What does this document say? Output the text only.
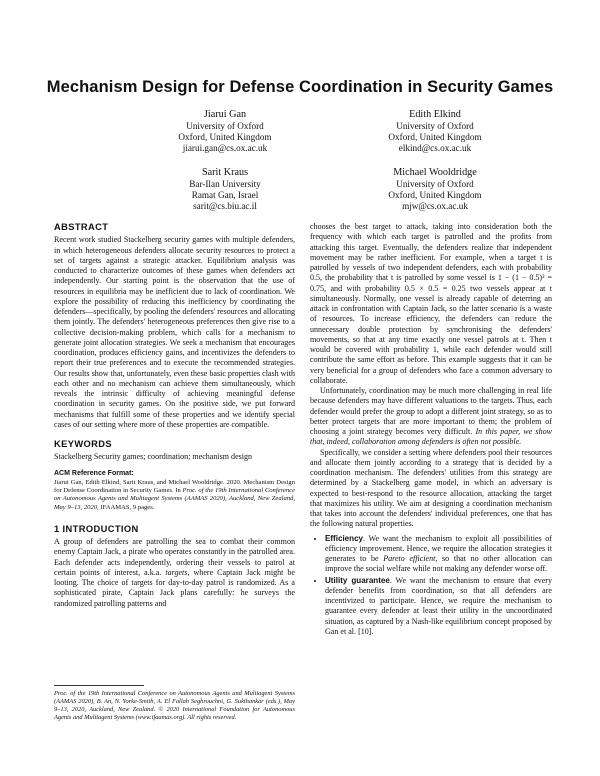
Mechanism Design for Defense Coordination in Security Games
Jiarui Gan
University of Oxford
Oxford, United Kingdom
jiarui.gan@cs.ox.ac.uk
Edith Elkind
University of Oxford
Oxford, United Kingdom
elkind@cs.ox.ac.uk
Sarit Kraus
Bar-Ilan University
Ramat Gan, Israel
sarit@cs.biu.ac.il
Michael Wooldridge
University of Oxford
Oxford, United Kingdom
mjw@cs.ox.ac.uk
ABSTRACT

Recent work studied Stackelberg security games with multiple defenders, in which heterogeneous defenders allocate security resources to protect a set of targets against a strategic attacker. Equilibrium analysis was conducted to characterize outcomes of these games when defenders act independently. Our starting point is the observation that the use of resources in equilibria may be inefficient due to lack of coordination. We explore the possibility of reducing this inefficiency by coordinating the defenders—specifically, by pooling the defenders' resources and allocating them jointly. The defenders' heterogeneous preferences then give rise to a collective decision-making problem, which calls for a mechanism to generate joint allocation strategies. We seek a mechanism that encourages coordination, produces efficiency gains, and incentivizes the defenders to report their true preferences and to execute the recommended strategies. Our results show that, unfortunately, even these basic properties clash with each other and no mechanism can achieve them simultaneously, which reveals the intrinsic difficulty of achieving meaningful defense coordination in security games. On the positive side, we put forward mechanisms that fulfill some of these properties and we identify special cases of our setting where more of these properties are compatible.

KEYWORDS

Stackelberg Security games; coordination; mechanism design

ACM Reference Format:

Jiarui Gan, Edith Elkind, Sarit Kraus, and Michael Wooldridge. 2020. Mechanism Design for Defense Coordination in Security Games. In Proc. of the 19th International Conference on Autonomous Agents and Multiagent Systems (AAMAS 2020), Auckland, New Zealand, May 9–13, 2020, IFAAMAS, 9 pages.

1 INTRODUCTION

A group of defenders are patrolling the sea to combat their common enemy Captain Jack, a pirate who operates constantly in the patrolled area. Each defender acts independently, ordering their vessels to patrol at certain points of interest, a.k.a. targets, where Captain Jack might be looting. The choice of targets for day-to-day patrol is randomized. As a sophisticated pirate, Captain Jack plans carefully: he surveys the randomized patrolling patterns and

Proc. of the 19th International Conference on Autonomous Agents and Multiagent Systems (AAMAS 2020), B. An, N. Yorke-Smith, A. El Fallah Seghrouchni, G. Sukthankar (eds.), May 9–13, 2020, Auckland, New Zealand. © 2020 International Foundation for Autonomous Agents and Multiagent Systems (www.ifaamas.org). All rights reserved.

chooses the best target to attack, taking into consideration both the frequency with which each target is patrolled and the profits from attacking this target. Eventually, the defenders realize that independent movement may be rather inefficient. For example, when a target t is patrolled by vessels of two independent defenders, each with probability 0.5, the probability that t is patrolled by some vessel is 1 − (1 − 0.5)² = 0.75, and with probability 0.5 × 0.5 = 0.25 two vessels appear at t simultaneously. Normally, one vessel is already capable of deterring an attack in confrontation with Captain Jack, so the latter scenario is a waste of resources. To increase efficiency, the defenders can reduce the unnecessary double protection by synchronising the defenders' movements, so that at any time exactly one vessel patrols at t. Then t would be covered with probability 1, while each defender would still contribute the same effort as before. This example suggests that it can be very beneficial for a group of defenders who face a common adversary to collaborate.

Unfortunately, coordination may be much more challenging in real life because defenders may have different valuations to the targets. Thus, each defender would prefer the group to adopt a different joint strategy, so as to better protect targets that are more important to them; the problem of choosing a joint strategy becomes very difficult. In this paper, we show that, indeed, collaboration among defenders is often not possible.

Specifically, we consider a setting where defenders pool their resources and allocate them jointly according to a strategy that is decided by a coordination mechanism. The defenders' utilities from this strategy are determined by a Stackelberg game model, in which an adversary is expected to best-respond to the resource allocation, attacking the target that maximizes his utility. We aim at designing a coordination mechanism that takes into account the defenders' individual preferences, one that has the following natural properties.

• Efficiency. We want the mechanism to exploit all possibilities of efficiency improvement. Hence, we require the allocation strategies it generates to be Pareto efficient, so that no other allocation can improve the social welfare while not making any defender worse off.
• Utility guarantee. We want the mechanism to ensure that every defender benefits from coordination, so that all defenders are incentivized to participate. Hence, we require the mechanism to guarantee every defender at least their utility in the uncoordinated situation, as captured by a Nash-like equilibrium concept proposed by Gan et al. [10].
